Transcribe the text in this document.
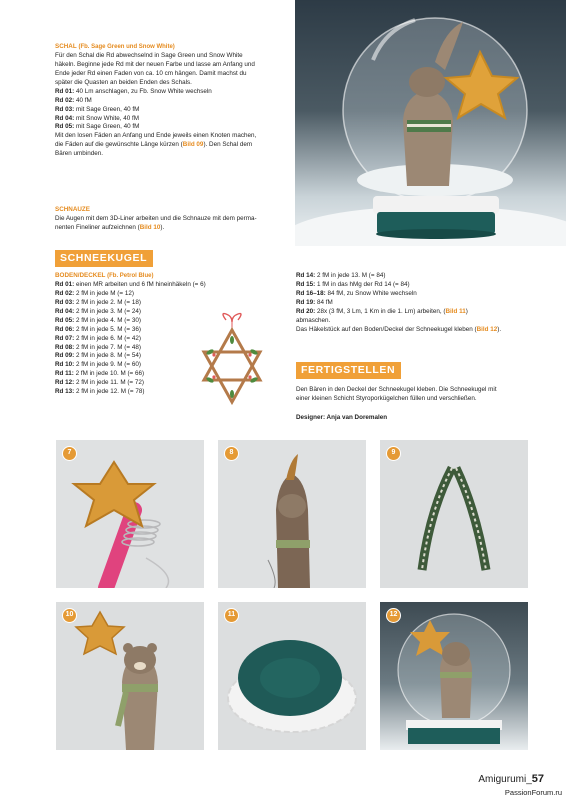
SCHAL (Fb. Sage Green und Snow White)
Für den Schal die Rd abwechselnd in Sage Green und Snow White
häkeln. Beginne jede Rd mit der neuen Farbe und lasse am Anfang und
Ende jeder Rd einen Faden von ca. 10 cm hängen. Damit machst du
später die Quasten an beiden Enden des Schals.
Rd 01: 40 Lm anschlagen, zu Fb. Snow White wechseln
Rd 02: 40 fM
Rd 03: mit Sage Green, 40 fM
Rd 04: mit Snow White, 40 fM
Rd 05: mit Sage Green, 40 fM
Mit den losen Fäden an Anfang und Ende jeweils einen Knoten machen,
die Fäden auf die gewünschte Länge kürzen (Bild 09). Den Schal dem
Bären umbinden.
SCHNAUZE
Die Augen mit dem 3D-Liner arbeiten und die Schnauze mit dem perma-
nenten Fineliner aufzeichnen (Bild 10).
SCHNEEKUGEL
BODEN/DECKEL (Fb. Petrol Blue)
Rd 01: einen MR arbeiten und 6 fM hineinhäkeln (= 6)
Rd 02: 2 fM in jede M (= 12)
Rd 03: 2 fM in jede 2. M (= 18)
Rd 04: 2 fM in jede 3. M (= 24)
Rd 05: 2 fM in jede 4. M (= 30)
Rd 06: 2 fM in jede 5. M (= 36)
Rd 07: 2 fM in jede 6. M (= 42)
Rd 08: 2 fM in jede 7. M (= 48)
Rd 09: 2 fM in jede 8. M (= 54)
Rd 10: 2 fM in jede 9. M (= 60)
Rd 11: 2 fM in jede 10. M (= 66)
Rd 12: 2 fM in jede 11. M (= 72)
Rd 13: 2 fM in jede 12. M (= 78)
Rd 14: 2 fM in jede 13. M (= 84)
Rd 15: 1 fM in das hMg der Rd 14 (= 84)
Rd 16–18: 84 fM, zu Snow White wechseln
Rd 19: 84 fM
Rd 20: 28x (3 fM, 3 Lm, 1 Km in die 1. Lm) arbeiten, (Bild 11)
abmaschen.
Das Häkelstück auf den Boden/Deckel der Schneekugel kleben (Bild 12).
FERTIGSTELLEN
Den Bären in den Deckel der Schneekugel kleben. Die Schneekugel mit
einer kleinen Schicht Styroporkügelchen füllen und verschließen.
Designer: Anja van Doremalen
7	8	9
10	11	12
Amigurumi_57
PassionForum.ru
